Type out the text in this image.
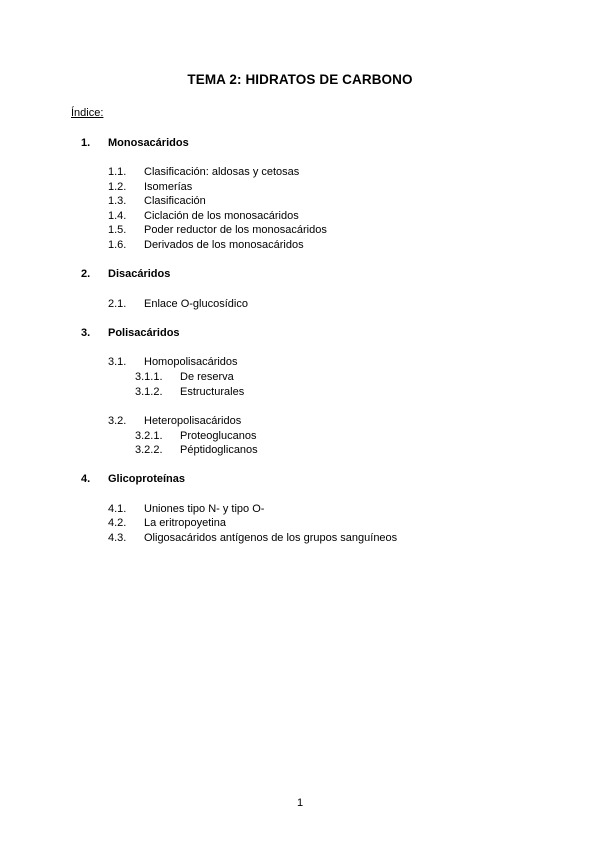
TEMA 2: HIDRATOS DE CARBONO
Índice:
1. Monosacáridos
1.1. Clasificación: aldosas y cetosas
1.2. Isomerías
1.3. Clasificación
1.4. Ciclación de los monosacáridos
1.5. Poder reductor de los monosacáridos
1.6. Derivados de los monosacáridos
2. Disacáridos
2.1. Enlace O-glucosídico
3. Polisacáridos
3.1. Homopolisacáridos
3.1.1. De reserva
3.1.2. Estructurales
3.2. Heteropolisacáridos
3.2.1. Proteoglucanos
3.2.2. Péptidoglicanos
4. Glicoproteínas
4.1. Uniones tipo N- y tipo O-
4.2. La eritropoyetina
4.3. Oligosacáridos antígenos de los grupos sanguíneos
1
